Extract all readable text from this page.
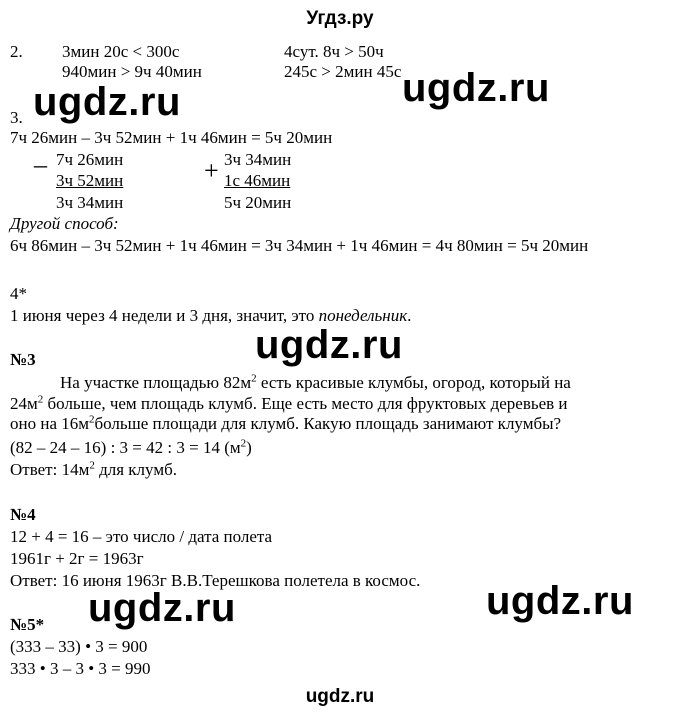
Угдз.ру
2. 3мин 20с < 300с
940мин > 9ч 40мин
4сут. 8ч > 50ч
245с > 2мин 45с
ugdz.ru	ugdz.ru
3.
7ч 26мин – 3ч 52мин + 1ч 46мин = 5ч 20мин
_ 7ч 26мин
3ч 52мин
3ч 34мин
+ 3ч 34мин
1с 46мин
5ч 20мин
Другой способ:
6ч 86мин – 3ч 52мин + 1ч 46мин = 3ч 34мин + 1ч 46мин = 4ч 80мин = 5ч 20мин
4*
1 июня через 4 недели и 3 дня, значит, это понедельник.
ugdz.ru
№3
На участке площадью $82м^2$ есть красивые клумбы, огород, который на
$24м^2$ больше, чем площадь клумб. Еще есть место для фруктовых деревьев и
оно на $16м^2больше$ площади для клумб. Какую площадь занимают клумбы?
(82 – 24 – 16) : 3 = 42 : 3 = 14 $(м^2)$
Ответ: $14м^2$ для клумб.
№4
12 + 4 = 16 – это число / дата полета
1961г + 2г = 1963г
Ответ: 16 июня 1963г В.В.Терешкова полетела в космос.
ugdz.ru	ugdz.ru
№5*
(333 – 33) • 3 = 900
333 • 3 – 3 • 3 = 990
ugdz.ru
